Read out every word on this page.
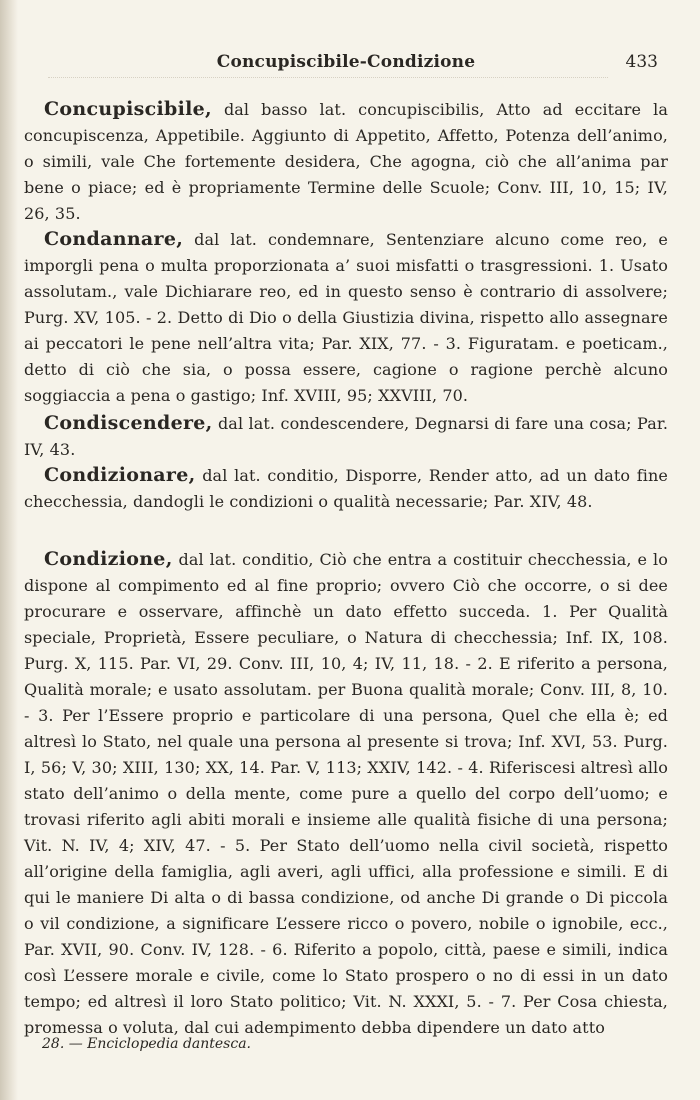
Concupiscibile-Condizione	433

Concupiscibile, dal basso lat. concupiscibilis, Atto ad eccitare la concupiscenza, Appetibile. Aggiunto di Appetito, Affetto, Potenza dell’animo, o simili, vale Che fortemente desidera, Che agogna, ciò che all’anima par bene o piace; ed è propriamente Termine delle Scuole; Conv. III, 10, 15; IV, 26, 35.

Condannare, dal lat. condemnare, Sentenziare alcuno come reo, e imporgli pena o multa proporzionata a’ suoi misfatti o trasgressioni. 1. Usato assolutam., vale Dichiarare reo, ed in questo senso è contrario di assolvere; Purg. XV, 105. - 2. Detto di Dio o della Giustizia divina, rispetto allo assegnare ai peccatori le pene nell’altra vita; Par. XIX, 77. - 3. Figuratam. e poeticam., detto di ciò che sia, o possa essere, cagione o ragione perchè alcuno soggiaccia a pena o gastigo; Inf. XVIII, 95; XXVIII, 70.

Condiscendere, dal lat. condescendere, Degnarsi di fare una cosa; Par. IV, 43.

Condizionare, dal lat. conditio, Disporre, Render atto, ad un dato fine checchessia, dandogli le condizioni o qualità necessarie; Par. XIV, 48.

Condizione, dal lat. conditio, Ciò che entra a costituir checchessia, e lo dispone al compimento ed al fine proprio; ovvero Ciò che occorre, o si dee procurare e osservare, affinchè un dato effetto succeda. 1. Per Qualità speciale, Proprietà, Essere peculiare, o Natura di checchessia; Inf. IX, 108. Purg. X, 115. Par. VI, 29. Conv. III, 10, 4; IV, 11, 18. - 2. E riferito a persona, Qualità morale; e usato assolutam. per Buona qualità morale; Conv. III, 8, 10. - 3. Per l’Essere proprio e particolare di una persona, Quel che ella è; ed altresì lo Stato, nel quale una persona al presente si trova; Inf. XVI, 53. Purg. I, 56; V, 30; XIII, 130; XX, 14. Par. V, 113; XXIV, 142. - 4. Riferiscesi altresì allo stato dell’animo o della mente, come pure a quello del corpo dell’uomo; e trovasi riferito agli abiti morali e insieme alle qualità fisiche di una persona; Vit. N. IV, 4; XIV, 47. - 5. Per Stato dell’uomo nella civil società, rispetto all’origine della famiglia, agli averi, agli uffici, alla professione e simili. E di qui le maniere Di alta o di bassa condizione, od anche Di grande o Di piccola o vil condizione, a significare L’essere ricco o povero, nobile o ignobile, ecc., Par. XVII, 90. Conv. IV, 128. - 6. Riferito a popolo, città, paese e simili, indica così L’essere morale e civile, come lo Stato prospero o no di essi in un dato tempo; ed altresì il loro Stato politico; Vit. N. XXXI, 5. - 7. Per Cosa chiesta, promessa o voluta, dal cui adempimento debba dipendere un dato atto

28. — Enciclopedia dantesca.
